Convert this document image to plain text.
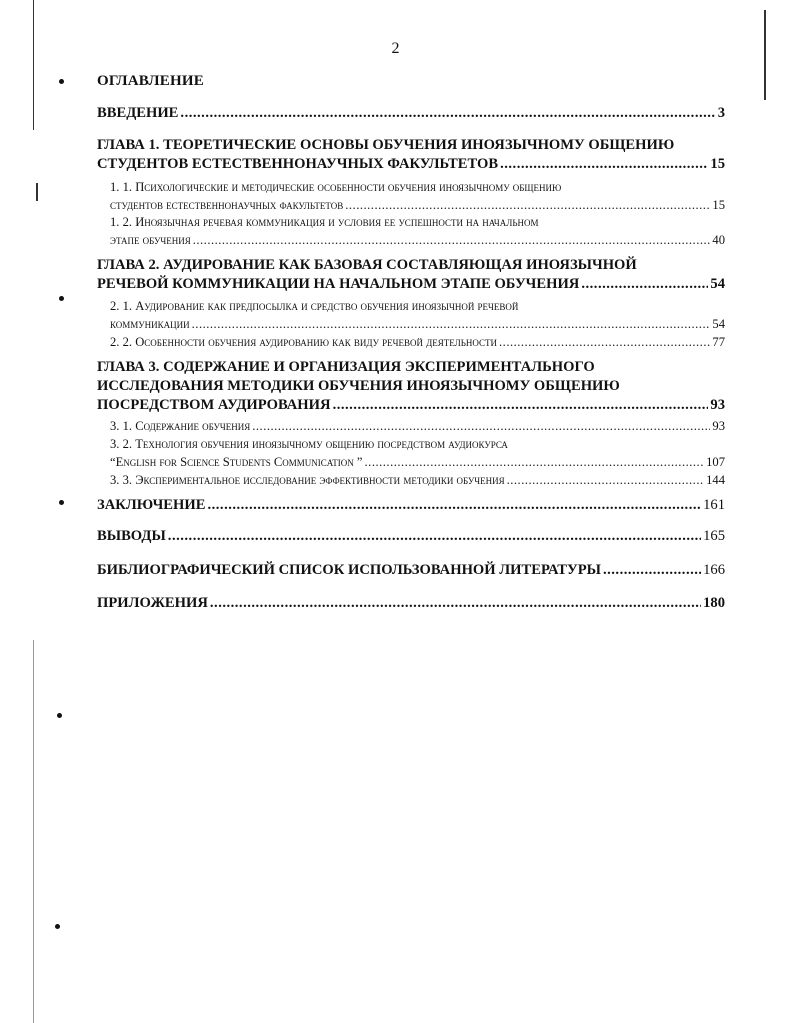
2
ОГЛАВЛЕНИЕ
ВВЕДЕНИЕ .....	3
ГЛАВА 1. ТЕОРЕТИЧЕСКИЕ ОСНОВЫ ОБУЧЕНИЯ ИНОЯЗЫЧНОМУ ОБЩЕНИЮ
СТУДЕНТОВ ЕСТЕСТВЕННОНАУЧНЫХ ФАКУЛЬТЕТОВ .....	15
1. 1. Психологические и методические особенности обучения иноязычному общению
студентов естественнонаучных факультетов .....	15
1. 2. Иноязычная речевая коммуникация и условия ее успешности на начальном
этапе обучения .....	40
ГЛАВА 2. АУДИРОВАНИЕ КАК БАЗОВАЯ СОСТАВЛЯЮЩАЯ ИНОЯЗЫЧНОЙ
РЕЧЕВОЙ КОММУНИКАЦИИ НА НАЧАЛЬНОМ ЭТАПЕ ОБУЧЕНИЯ .....	54
2. 1. Аудирование как предпосылка и средство обучения иноязычной речевой
коммуникации .....	54
2. 2. Особенности обучения аудированию как виду речевой деятельности .....	77
ГЛАВА 3. СОДЕРЖАНИЕ И ОРГАНИЗАЦИЯ ЭКСПЕРИМЕНТАЛЬНОГО
ИССЛЕДОВАНИЯ МЕТОДИКИ ОБУЧЕНИЯ ИНОЯЗЫЧНОМУ ОБЩЕНИЮ
ПОСРЕДСТВОМ АУДИРОВАНИЯ .....	93
3. 1. Содержание обучения .....	93
3. 2. Технология обучения иноязычному общению посредством аудиокурса
“English for Science Students Communication ” .....	107
3. 3. Экспериментальное исследование эффективности методики обучения .....	144
ЗАКЛЮЧЕНИЕ .....	161
ВЫВОДЫ .....	165
БИБЛИОГРАФИЧЕСКИЙ СПИСОК ИСПОЛЬЗОВАННОЙ ЛИТЕРАТУРЫ .....	166
ПРИЛОЖЕНИЯ .....	180
